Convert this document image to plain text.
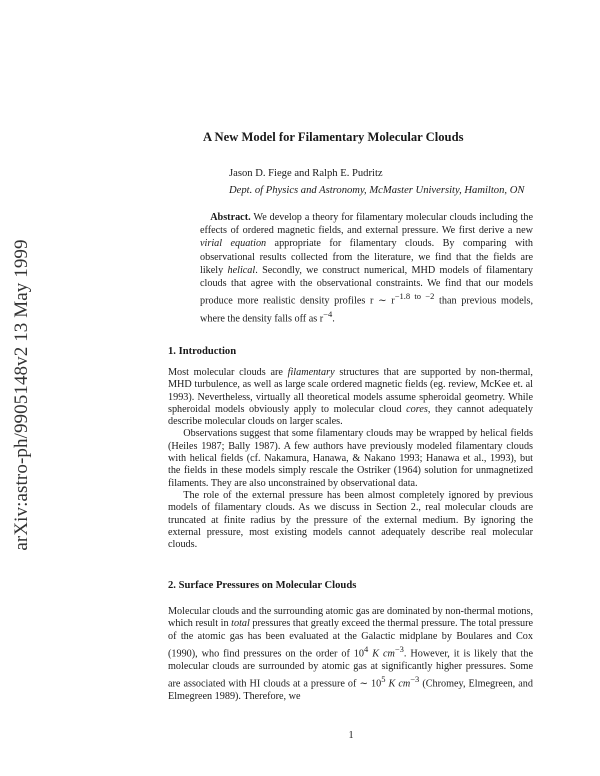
arXiv:astro-ph/9905148v2 13 May 1999
A New Model for Filamentary Molecular Clouds
Jason D. Fiege and Ralph E. Pudritz
Dept. of Physics and Astronomy, McMaster University, Hamilton, ON
Abstract. We develop a theory for filamentary molecular clouds including the effects of ordered magnetic fields, and external pressure. We first derive a new virial equation appropriate for filamentary clouds. By comparing with observational results collected from the literature, we find that the fields are likely helical. Secondly, we construct numerical, MHD models of filamentary clouds that agree with the observational constraints. We find that our models produce more realistic density profiles r ∼ $r^{-1.8 to -2}$ than previous models, where the density falls off as $r^{-4}$.
1. Introduction

Most molecular clouds are filamentary structures that are supported by non-thermal, MHD turbulence, as well as large scale ordered magnetic fields (eg. review, McKee et. al 1993). Nevertheless, virtually all theoretical models assume spheroidal geometry. While spheroidal models obviously apply to molecular cloud cores, they cannot adequately describe molecular clouds on larger scales.

Observations suggest that some filamentary clouds may be wrapped by helical fields (Heiles 1987; Bally 1987). A few authors have previously modeled filamentary clouds with helical fields (cf. Nakamura, Hanawa, & Nakano 1993; Hanawa et al., 1993), but the fields in these models simply rescale the Ostriker (1964) solution for unmagnetized filaments. They are also unconstrained by observational data.

The role of the external pressure has been almost completely ignored by previous models of filamentary clouds. As we discuss in Section 2., real molecular clouds are truncated at finite radius by the pressure of the external medium. By ignoring the external pressure, most existing models cannot adequately describe real molecular clouds.

2. Surface Pressures on Molecular Clouds

Molecular clouds and the surrounding atomic gas are dominated by non-thermal motions, which result in total pressures that greatly exceed the thermal pressure. The total pressure of the atomic gas has been evaluated at the Galactic midplane by Boulares and Cox (1990), who find pressures on the order of $10^4$ K $cm^{-3}$. However, it is likely that the molecular clouds are surrounded by atomic gas at significantly higher pressures. Some are associated with HI clouds at a pressure of ∼ $10^5$ K $cm^{-3}$ (Chromey, Elmegreen, and Elmegreen 1989). Therefore, we

1
